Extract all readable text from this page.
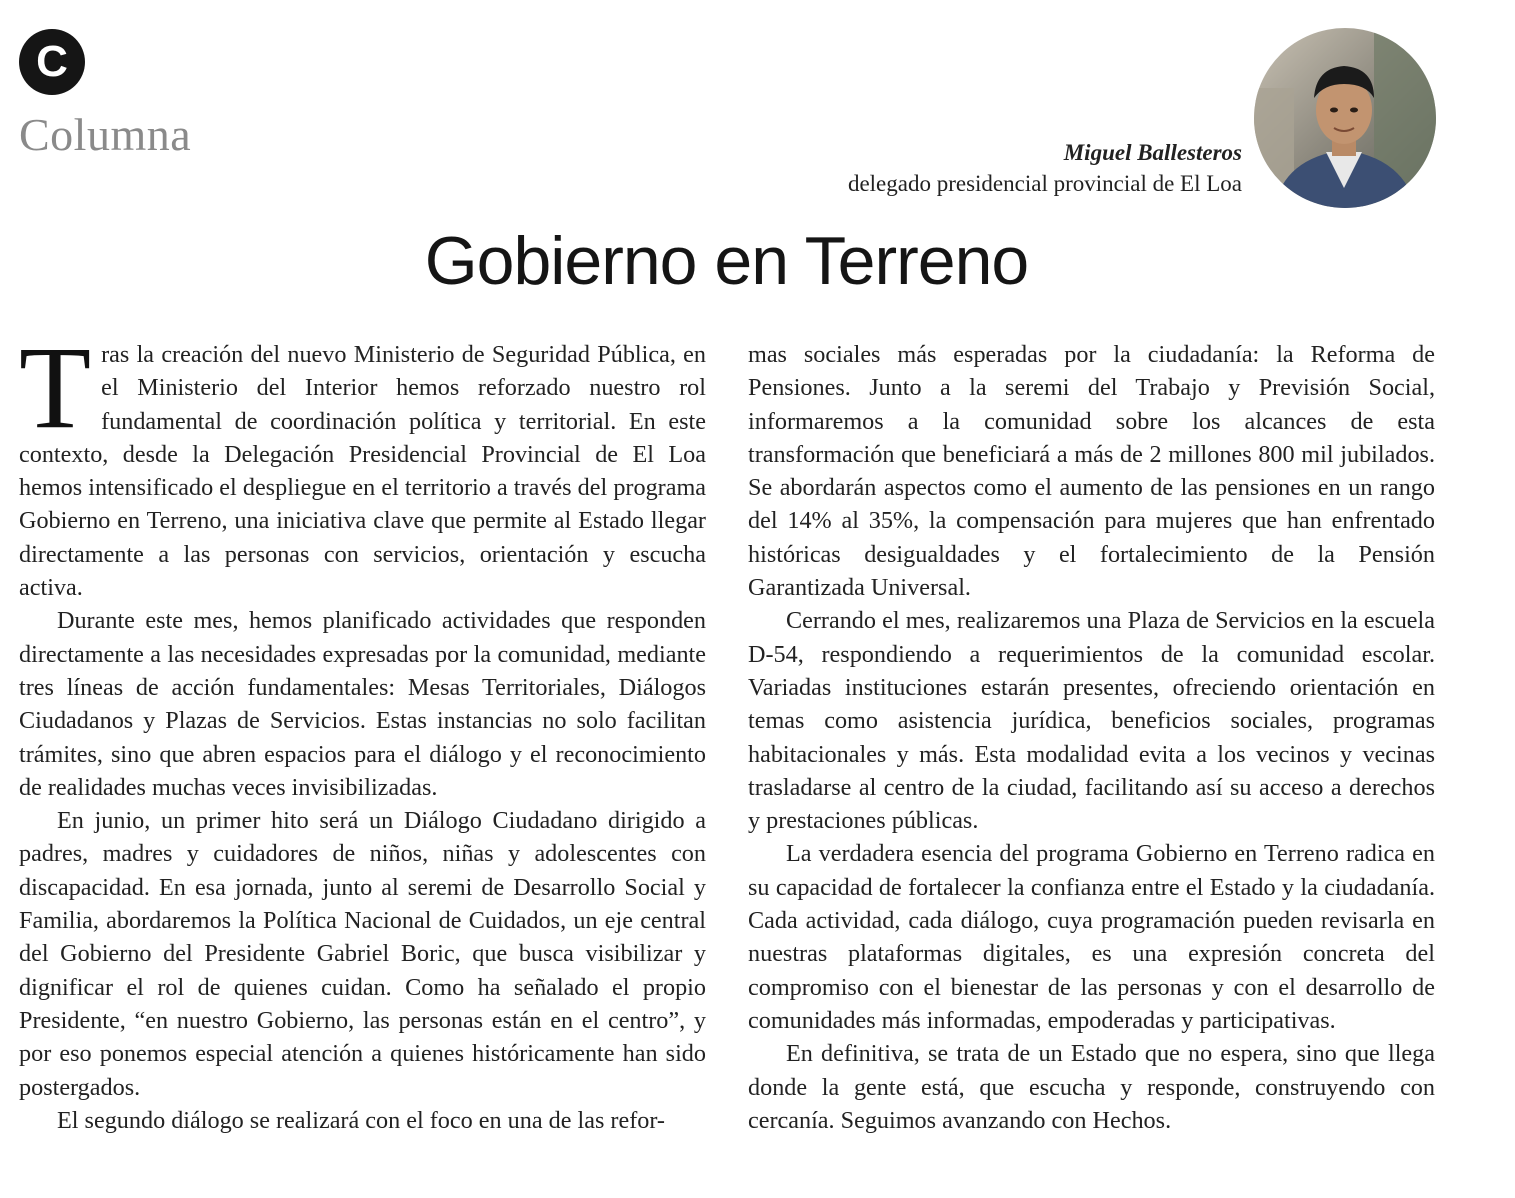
C
Columna	Miguel Ballesteros
delegado presidencial provincial de El Loa
Gobierno en Terreno

Tras la creación del nuevo Ministerio de Seguridad Pública, en el Ministerio del Interior hemos reforzado nuestro rol fundamental de coordinación política y territorial. En este contexto, desde la Delegación Presidencial Provincial de El Loa hemos intensificado el despliegue en el territorio a través del programa Gobierno en Terreno, una iniciativa clave que permite al Estado llegar directamente a las personas con servicios, orientación y escucha activa.

Durante este mes, hemos planificado actividades que responden directamente a las necesidades expresadas por la comunidad, mediante tres líneas de acción fundamentales: Mesas Territoriales, Diálogos Ciudadanos y Plazas de Servicios. Estas instancias no solo facilitan trámites, sino que abren espacios para el diálogo y el reconocimiento de realidades muchas veces invisibilizadas.

En junio, un primer hito será un Diálogo Ciudadano dirigido a padres, madres y cuidadores de niños, niñas y adolescentes con discapacidad. En esa jornada, junto al seremi de Desarrollo Social y Familia, abordaremos la Política Nacional de Cuidados, un eje central del Gobierno del Presidente Gabriel Boric, que busca visibilizar y dignificar el rol de quienes cuidan. Como ha señalado el propio Presidente, “en nuestro Gobierno, las personas están en el centro”, y por eso ponemos especial atención a quienes históricamente han sido postergados.

El segundo diálogo se realizará con el foco en una de las refor-

mas sociales más esperadas por la ciudadanía: la Reforma de Pensiones. Junto a la seremi del Trabajo y Previsión Social, informaremos a la comunidad sobre los alcances de esta transformación que beneficiará a más de 2 millones 800 mil jubilados. Se abordarán aspectos como el aumento de las pensiones en un rango del 14% al 35%, la compensación para mujeres que han enfrentado históricas desigualdades y el fortalecimiento de la Pensión Garantizada Universal.

Cerrando el mes, realizaremos una Plaza de Servicios en la escuela D-54, respondiendo a requerimientos de la comunidad escolar. Variadas instituciones estarán presentes, ofreciendo orientación en temas como asistencia jurídica, beneficios sociales, programas habitacionales y más. Esta modalidad evita a los vecinos y vecinas trasladarse al centro de la ciudad, facilitando así su acceso a derechos y prestaciones públicas.

La verdadera esencia del programa Gobierno en Terreno radica en su capacidad de fortalecer la confianza entre el Estado y la ciudadanía. Cada actividad, cada diálogo, cuya programación pueden revisarla en nuestras plataformas digitales, es una expresión concreta del compromiso con el bienestar de las personas y con el desarrollo de comunidades más informadas, empoderadas y participativas.

En definitiva, se trata de un Estado que no espera, sino que llega donde la gente está, que escucha y responde, construyendo con cercanía. Seguimos avanzando con Hechos.
